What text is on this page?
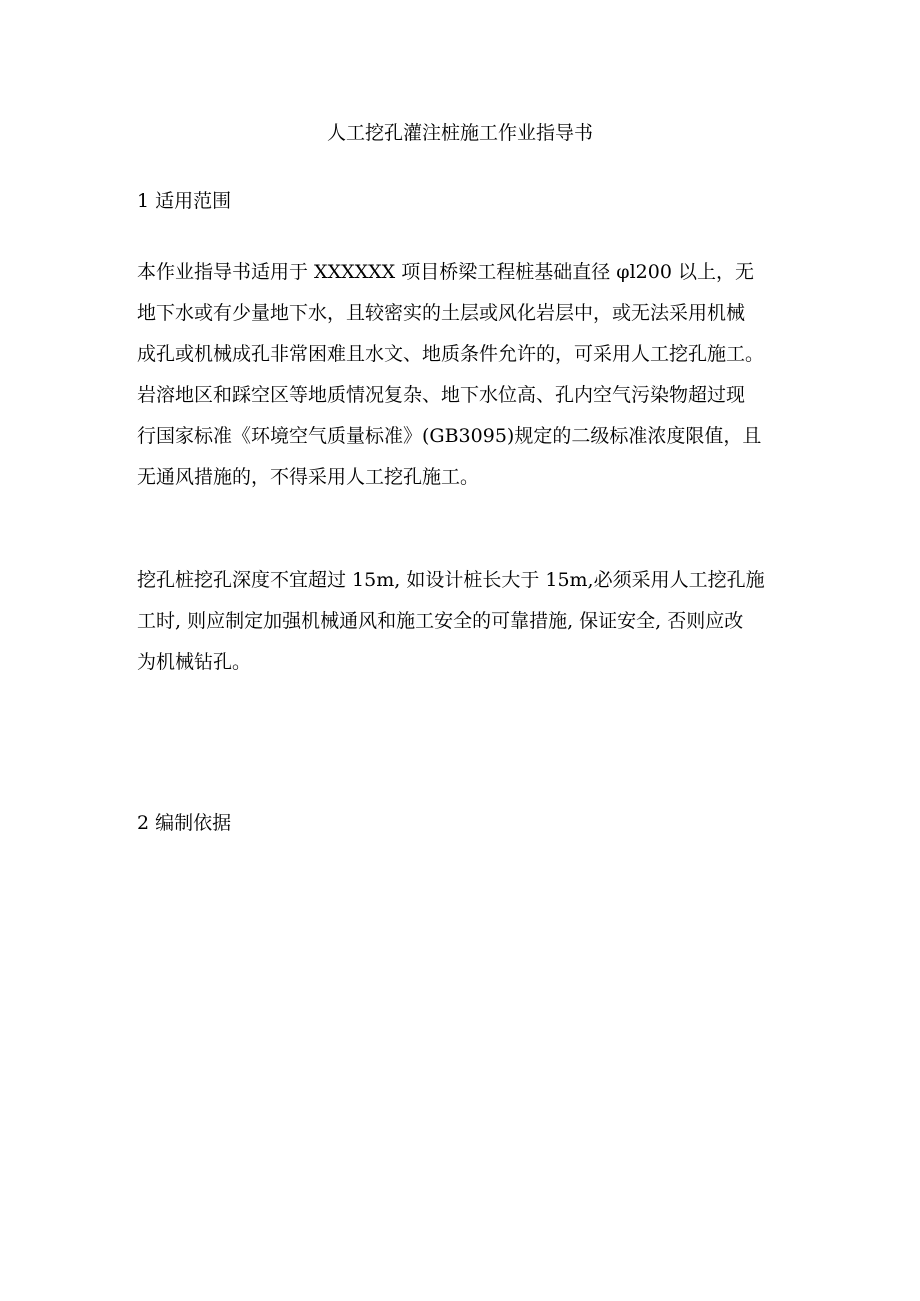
人工挖孔灌注桩施工作业指导书
1 适用范围
本作业指导书适用于 XXXXXX 项目桥梁工程桩基础直径 φl200 以上，无
地下水或有少量地下水，且较密实的土层或风化岩层中，或无法采用机械
成孔或机械成孔非常困难且水文、地质条件允许的，可采用人工挖孔施工。
岩溶地区和踩空区等地质情况复杂、地下水位高、孔内空气污染物超过现
行国家标准《环境空气质量标准》(GB3095)规定的二级标准浓度限值，且
无通风措施的，不得采用人工挖孔施工。
挖孔桩挖孔深度不宜超过 15m, 如设计桩长大于 15m,必须采用人工挖孔施
工时, 则应制定加强机械通风和施工安全的可靠措施, 保证安全, 否则应改
为机械钻孔。
2 编制依据
